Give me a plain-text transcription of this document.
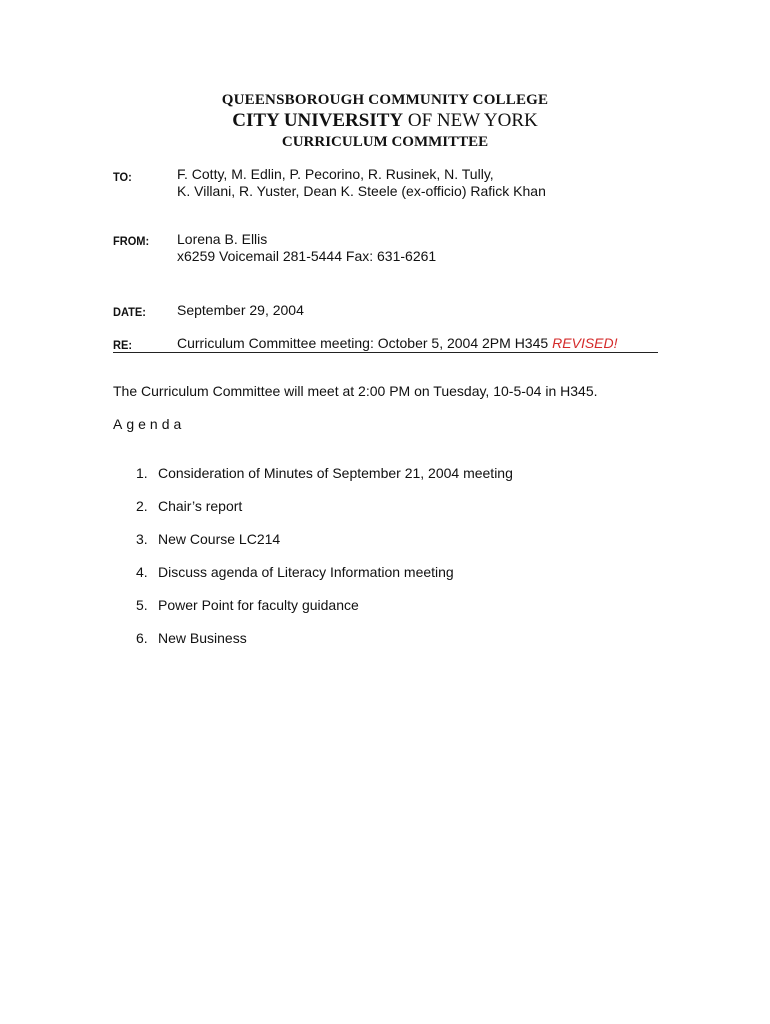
QUEENSBOROUGH COMMUNITY COLLEGE
CITY UNIVERSITY OF NEW YORK
CURRICULUM COMMITTEE
TO:	F. Cotty, M. Edlin, P. Pecorino, R. Rusinek, N. Tully,
K. Villani, R. Yuster, Dean K. Steele (ex-officio) Rafick Khan
FROM: Lorena B. Ellis
x6259 Voicemail 281-5444 Fax: 631-6261
DATE: September 29, 2004
RE:	Curriculum Committee meeting: October 5, 2004 2PM H345 REVISED!
The Curriculum Committee will meet at 2:00 PM on Tuesday, 10-5-04 in H345.
Agenda
1. Consideration of Minutes of September 21, 2004 meeting
2. Chair’s report
3. New Course LC214
4. Discuss agenda of Literacy Information meeting
5. Power Point for faculty guidance
6. New Business
